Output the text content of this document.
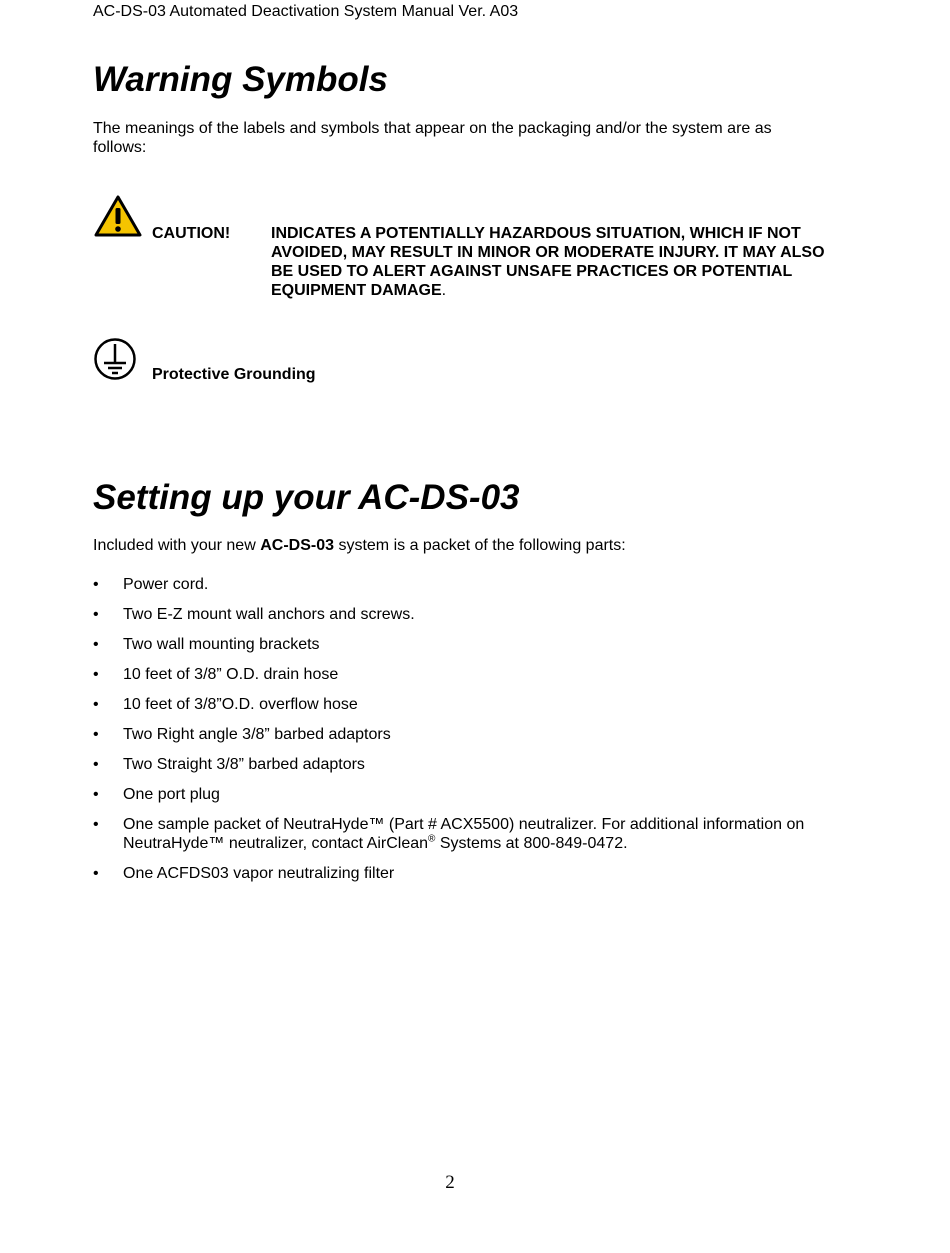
AC-DS-03 Automated Deactivation System Manual Ver. A03
Warning Symbols
The meanings of the labels and symbols that appear on the packaging and/or the system are as follows:
CAUTION!	INDICATES A POTENTIALLY HAZARDOUS SITUATION, WHICH IF NOT AVOIDED, MAY RESULT IN MINOR OR MODERATE INJURY. IT MAY ALSO BE USED TO ALERT AGAINST UNSAFE PRACTICES OR POTENTIAL EQUIPMENT DAMAGE.
Protective Grounding
Setting up your AC-DS-03
Included with your new AC-DS-03 system is a packet of the following parts:
•	Power cord.
•	Two E-Z mount wall anchors and screws.
•	Two wall mounting brackets
•	10 feet of 3/8” O.D. drain hose
•	10 feet of 3/8”O.D. overflow hose
•	Two Right angle 3/8” barbed adaptors
•	Two Straight 3/8” barbed adaptors
•	One port plug
•	One sample packet of NeutraHyde™ (Part # ACX5500) neutralizer. For additional information on NeutraHyde™ neutralizer, contact AirClean® Systems at 800-849-0472.
•	One ACFDS03 vapor neutralizing filter
2
